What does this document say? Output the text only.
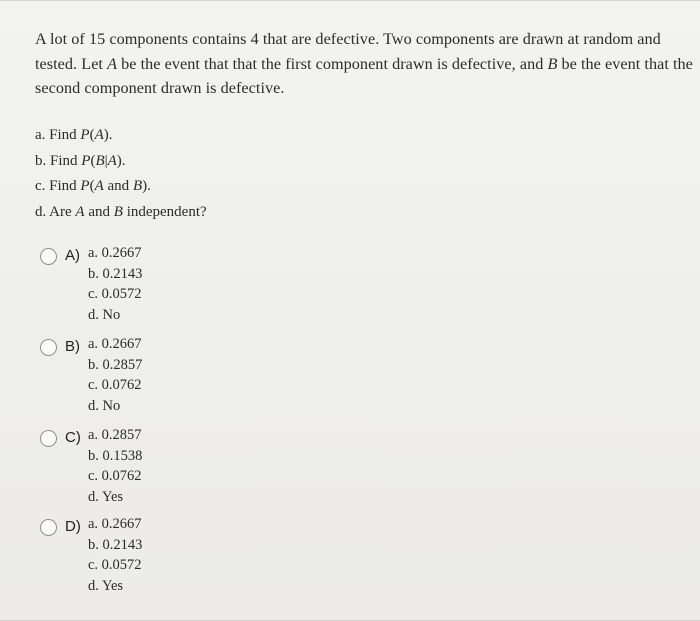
A lot of 15 components contains 4 that are defective. Two components are drawn at random and tested. Let A be the event that that the first component drawn is defective, and B be the event that the second component drawn is defective.

a. Find P(A).
b. Find P(B|A).
c. Find P(A and B).
d. Are A and B independent?
A) a. 0.2667
b. 0.2143
c. 0.0572
d. No
B) a. 0.2667
b. 0.2857
c. 0.0762
d. No
C) a. 0.2857
b. 0.1538
c. 0.0762
d. Yes
D) a. 0.2667
b. 0.2143
c. 0.0572
d. Yes
